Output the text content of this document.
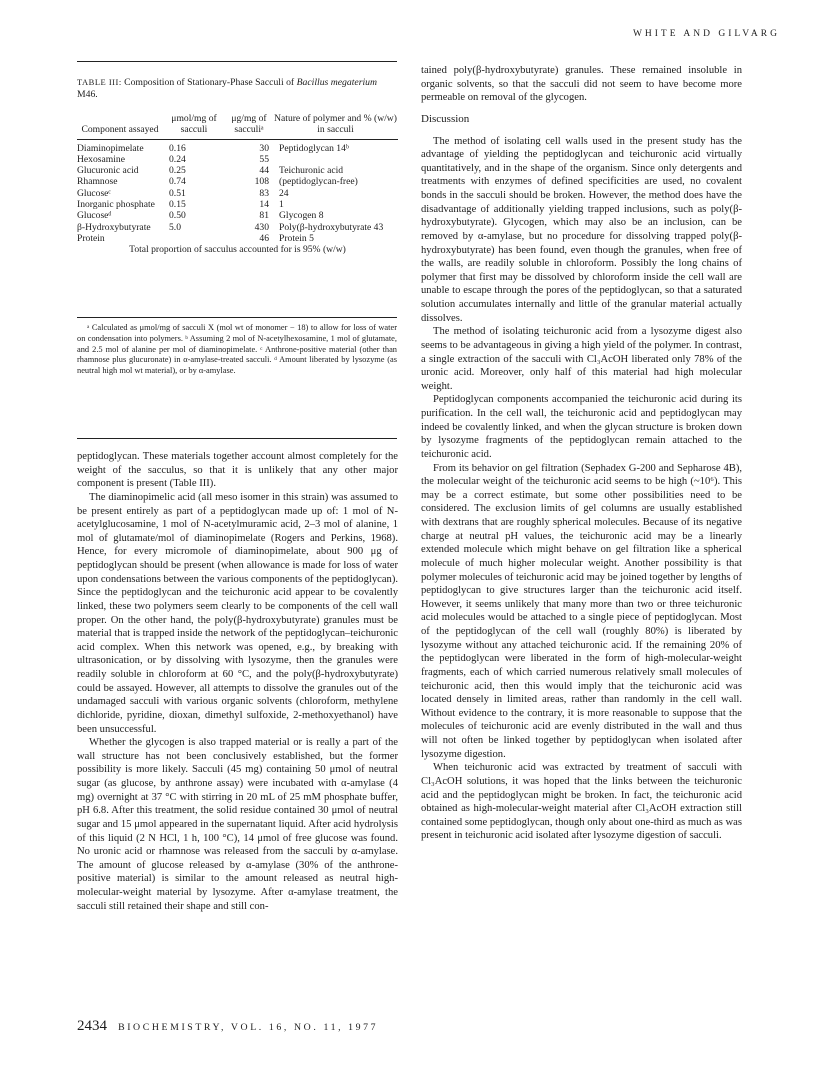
WHITE AND GILVARG
TABLE III: Composition of Stationary-Phase Sacculi of Bacillus megaterium M46.
Component assayed	μmol/mg of sacculi	μg/mg of sacculiᵃ	Nature of polymer and % (w/w) in sacculi
Diaminopimelate	0.16	30	Peptidoglycan 14ᵇ
Hexosamine	0.24	55	
Glucuronic acid	0.25	44	Teichuronic acid
Rhamnose	0.74	108	(peptidoglycan-free)
Glucoseᶜ	0.51	83	24
Inorganic phosphate	0.15	14	1
Glucoseᵈ	0.50	81	Glycogen 8
β-Hydroxybutyrate	5.0	430	Poly(β-hydroxybutyrate 43
Protein		46	Protein 5
Total proportion of sacculus accounted for is 95% (w/w)			

ᵃ Calculated as μmol/mg of sacculi X (mol wt of monomer − 18) to allow for loss of water on condensation into polymers. ᵇ Assuming 2 mol of N-acetylhexosamine, 1 mol of glutamate, and 2.5 mol of alanine per mol of diaminopimelate. ᶜ Anthrone-positive material (other than rhamnose plus glucuronate) in α-amylase-treated sacculi. ᵈ Amount liberated by lysozyme (as neutral high mol wt material), or by α-amylase.

peptidoglycan. These materials together account almost completely for the weight of the sacculus, so that it is unlikely that any other major component is present (Table III).

The diaminopimelic acid (all meso isomer in this strain) was assumed to be present entirely as part of a peptidoglycan made up of: 1 mol of N-acetylglucosamine, 1 mol of N-acetylmuramic acid, 2–3 mol of alanine, 1 mol of glutamate/mol of diaminopimelate (Rogers and Perkins, 1968). Hence, for every micromole of diaminopimelate, about 900 μg of peptidoglycan should be present (when allowance is made for loss of water upon condensations between the various components of the peptidoglycan). Since the peptidoglycan and the teichuronic acid appear to be covalently linked, these two polymers seem clearly to be components of the cell wall proper. On the other hand, the poly(β-hydroxybutyrate) granules must be material that is trapped inside the network of the peptidoglycan–teichuronic acid complex. When this network was opened, e.g., by breaking with ultrasonication, or by dissolving with lysozyme, then the granules were readily soluble in chloroform at 60 °C, and the poly(β-hydroxybutyrate) could be assayed. However, all attempts to dissolve the granules out of the undamaged sacculi with various organic solvents (chloroform, methylene dichloride, pyridine, dioxan, dimethyl sulfoxide, 2-methoxyethanol) have been unsuccessful.

Whether the glycogen is also trapped material or is really a part of the wall structure has not been conclusively established, but the former possibility is more likely. Sacculi (45 mg) containing 50 μmol of neutral sugar (as glucose, by anthrone assay) were incubated with α-amylase (4 mg) overnight at 37 °C with stirring in 20 mL of 25 mM phosphate buffer, pH 6.8. After this treatment, the solid residue contained 30 μmol of neutral sugar and 15 μmol appeared in the supernatant liquid. After acid hydrolysis of this liquid (2 N HCl, 1 h, 100 °C), 14 μmol of free glucose was found. No uronic acid or rhamnose was released from the sacculi by α-amylase. The amount of glucose released by α-amylase (30% of the anthrone-positive material) is similar to the amount released as neutral high-molecular-weight material by lysozyme. After α-amylase treatment, the sacculi still retained their shape and still con-

tained poly(β-hydroxybutyrate) granules. These remained insoluble in organic solvents, so that the sacculi did not seem to have become more permeable on removal of the glycogen.

Discussion

The method of isolating cell walls used in the present study has the advantage of yielding the peptidoglycan and teichuronic acid virtually quantitatively, and in the shape of the organism. Since only detergents and treatments with enzymes of defined specificities are used, no covalent bonds in the sacculi should be broken. However, the method does have the disadvantage of additionally yielding trapped inclusions, such as poly(β-hydroxybutyrate). Glycogen, which may also be an inclusion, can be removed by α-amylase, but no procedure for dissolving trapped poly(β-hydroxybutyrate) has been found, even though the granules, when free of the walls, are readily soluble in chloroform. Possibly the long chains of polymer that first may be dissolved by chloroform inside the cell wall are unable to escape through the pores of the peptidoglycan, so that a saturated solution accumulates internally and little of the granular material actually dissolves.

The method of isolating teichuronic acid from a lysozyme digest also seems to be advantageous in giving a high yield of the polymer. In contrast, a single extraction of the sacculi with Cl₃AcOH liberated only 78% of the uronic acid. Moreover, only half of this material had high molecular weight.

Peptidoglycan components accompanied the teichuronic acid during its purification. In the cell wall, the teichuronic acid and peptidoglycan may indeed be covalently linked, and when the glycan structure is broken down by lysozyme fragments of the peptidoglycan remain attached to the teichuronic acid.

From its behavior on gel filtration (Sephadex G-200 and Sepharose 4B), the molecular weight of the teichuronic acid seems to be high (~10⁶). This may be a correct estimate, but some other possibilities need to be considered. The exclusion limits of gel columns are usually established with dextrans that are roughly spherical molecules. Because of its negative charge at neutral pH values, the teichuronic acid may be a linearly extended molecule which might behave on gel filtration like a spherical molecule of much higher molecular weight. Another possibility is that polymer molecules of teichuronic acid may be joined together by lengths of peptidoglycan to give structures larger than the teichuronic acid itself. However, it seems unlikely that many more than two or three teichuronic acid molecules would be attached to a single piece of peptidoglycan. Most of the peptidoglycan of the cell wall (roughly 80%) is liberated by lysozyme without any attached teichuronic acid. If the remaining 20% of the peptidoglycan were liberated in the form of high-molecular-weight fragments, each of which carried numerous relatively small molecules of teichuronic acid, then this would imply that the teichuronic acid was located densely in limited areas, rather than randomly in the cell wall. Without evidence to the contrary, it is more reasonable to suppose that the molecules of teichuronic acid are evenly distributed in the wall and thus will not often be linked together by peptidoglycan when isolated after lysozyme digestion.

When teichuronic acid was extracted by treatment of sacculi with Cl₃AcOH solutions, it was hoped that the links between the teichuronic acid and the peptidoglycan might be broken. In fact, the teichuronic acid obtained as high-molecular-weight material after Cl₃AcOH extraction still contained some peptidoglycan, though only about one-third as much as was present in teichuronic acid isolated after lysozyme digestion of sacculi.

2434 BIOCHEMISTRY, VOL. 16, NO. 11, 1977
